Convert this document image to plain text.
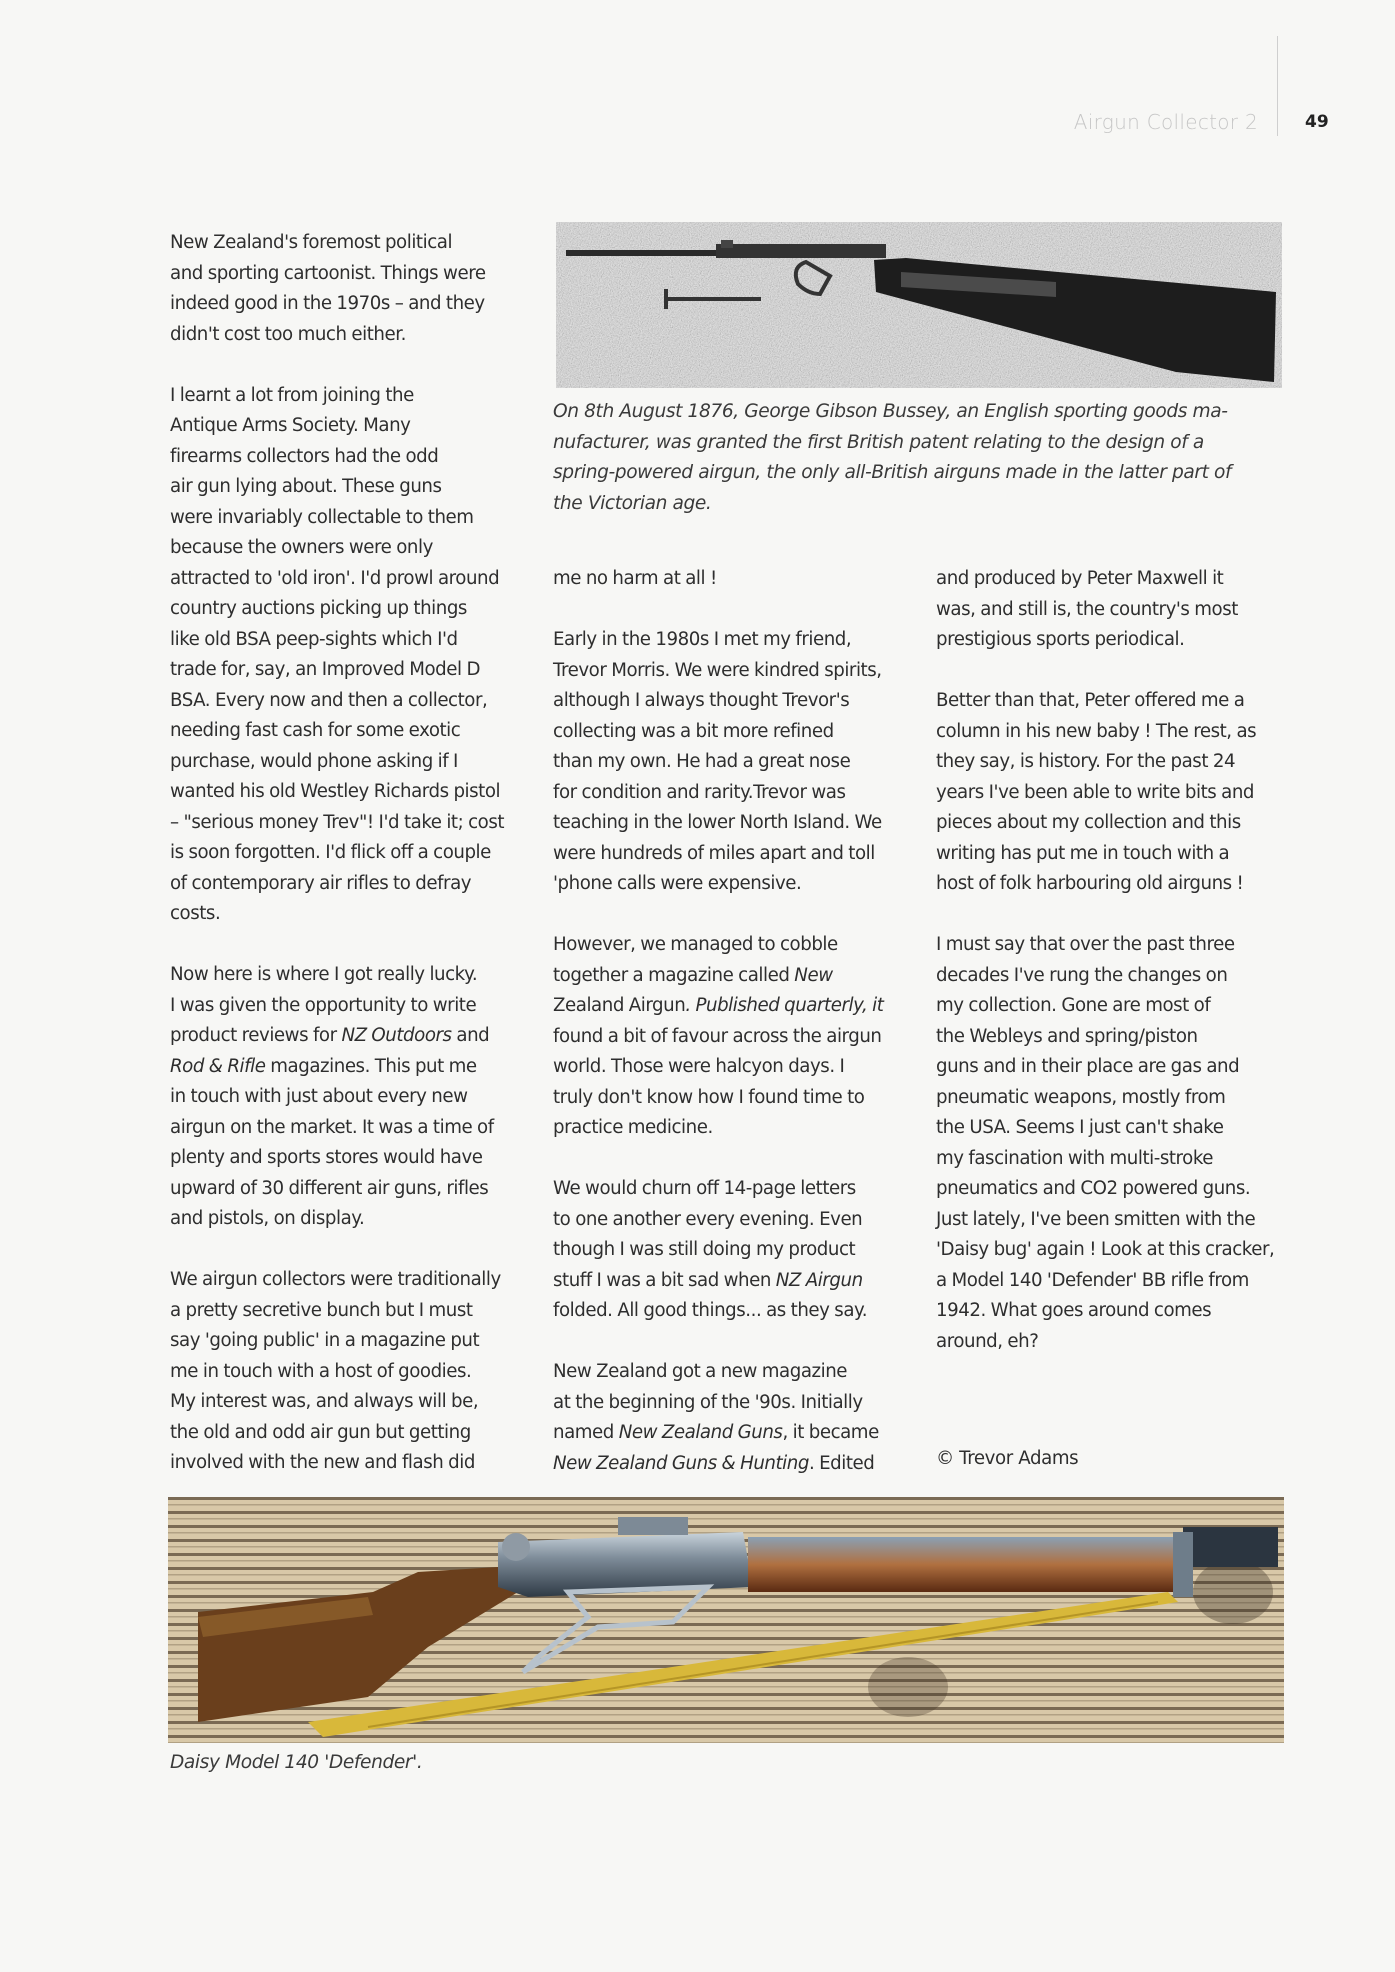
Airgun Collector 2	49
On 8th August 1876, George Gibson Bussey, an English sporting goods ma-
nufacturer, was granted the first British patent relating to the design of a
spring-powered airgun, the only all-British airguns made in the latter part of
the Victorian age.

New Zealand's foremost political
and sporting cartoonist. Things were
indeed good in the 1970s – and they
didn't cost too much either.

I learnt a lot from joining the
Antique Arms Society. Many
firearms collectors had the odd
air gun lying about. These guns
were invariably collectable to them
because the owners were only
attracted to 'old iron'. I'd prowl around
country auctions picking up things
like old BSA peep-sights which I'd
trade for, say, an Improved Model D
BSA. Every now and then a collector,
needing fast cash for some exotic
purchase, would phone asking if I
wanted his old Westley Richards pistol
– "serious money Trev"! I'd take it; cost
is soon forgotten. I'd flick off a couple
of contemporary air rifles to defray
costs.

Now here is where I got really lucky.
I was given the opportunity to write
product reviews for NZ Outdoors and
Rod & Rifle magazines. This put me
in touch with just about every new
airgun on the market. It was a time of
plenty and sports stores would have
upward of 30 different air guns, rifles
and pistols, on display.

We airgun collectors were traditionally
a pretty secretive bunch but I must
say 'going public' in a magazine put
me in touch with a host of goodies.
My interest was, and always will be,
the old and odd air gun but getting
involved with the new and flash did

me no harm at all !

Early in the 1980s I met my friend,
Trevor Morris. We were kindred spirits,
although I always thought Trevor's
collecting was a bit more refined
than my own. He had a great nose
for condition and rarity.Trevor was
teaching in the lower North Island. We
were hundreds of miles apart and toll
'phone calls were expensive.

However, we managed to cobble
together a magazine called New
Zealand Airgun. Published quarterly, it
found a bit of favour across the airgun
world. Those were halcyon days. I
truly don't know how I found time to
practice medicine.

We would churn off 14-page letters
to one another every evening. Even
though I was still doing my product
stuff I was a bit sad when NZ Airgun
folded. All good things... as they say.

New Zealand got a new magazine
at the beginning of the '90s. Initially
named New Zealand Guns, it became
New Zealand Guns & Hunting. Edited

and produced by Peter Maxwell it
was, and still is, the country's most
prestigious sports periodical.

Better than that, Peter offered me a
column in his new baby ! The rest, as
they say, is history. For the past 24
years I've been able to write bits and
pieces about my collection and this
writing has put me in touch with a
host of folk harbouring old airguns !

I must say that over the past three
decades I've rung the changes on
my collection. Gone are most of
the Webleys and spring/piston
guns and in their place are gas and
pneumatic weapons, mostly from
the USA. Seems I just can't shake
my fascination with multi-stroke
pneumatics and CO2 powered guns.
Just lately, I've been smitten with the
'Daisy bug' again ! Look at this cracker,
a Model 140 'Defender' BB rifle from
1942. What goes around comes
around, eh?

© Trevor Adams
Daisy Model 140 'Defender'.
